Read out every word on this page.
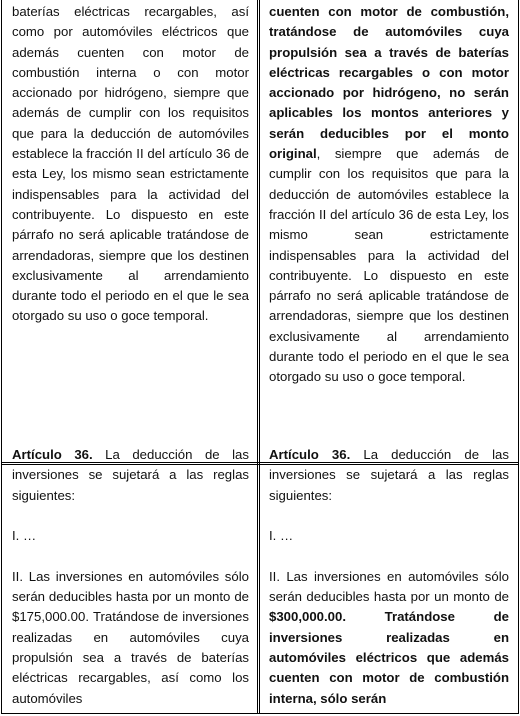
baterías eléctricas recargables, así como por automóviles eléctricos que además cuenten con motor de combustión interna o con motor accionado por hidrógeno, siempre que además de cumplir con los requisitos que para la deducción de automóviles establece la fracción II del artículo 36 de esta Ley, los mismo sean estrictamente indispensables para la actividad del contribuyente. Lo dispuesto en este párrafo no será aplicable tratándose de arrendadoras, siempre que los destinen exclusivamente al arrendamiento durante todo el periodo en el que le sea otorgado su uso o goce temporal.

cuenten con motor de combustión, tratándose de automóviles cuya propulsión sea a través de baterías eléctricas recargables o con motor accionado por hidrógeno, no serán aplicables los montos anteriores y serán deducibles por el monto original, siempre que además de cumplir con los requisitos que para la deducción de automóviles establece la fracción II del artículo 36 de esta Ley, los mismo sean estrictamente indispensables para la actividad del contribuyente. Lo dispuesto en este párrafo no será aplicable tratándose de arrendadoras, siempre que los destinen exclusivamente al arrendamiento durante todo el periodo en el que le sea otorgado su uso o goce temporal.

Artículo 36. La deducción de las inversiones se sujetará a las reglas siguientes:

I. …

II. Las inversiones en automóviles sólo serán deducibles hasta por un monto de $175,000.00. Tratándose de inversiones realizadas en automóviles cuya propulsión sea a través de baterías eléctricas recargables, así como los automóviles

Artículo 36. La deducción de las inversiones se sujetará a las reglas siguientes:

I. …

II. Las inversiones en automóviles sólo serán deducibles hasta por un monto de $300,000.00. Tratándose de inversiones realizadas en automóviles eléctricos que además cuenten con motor de combustión interna, sólo serán
